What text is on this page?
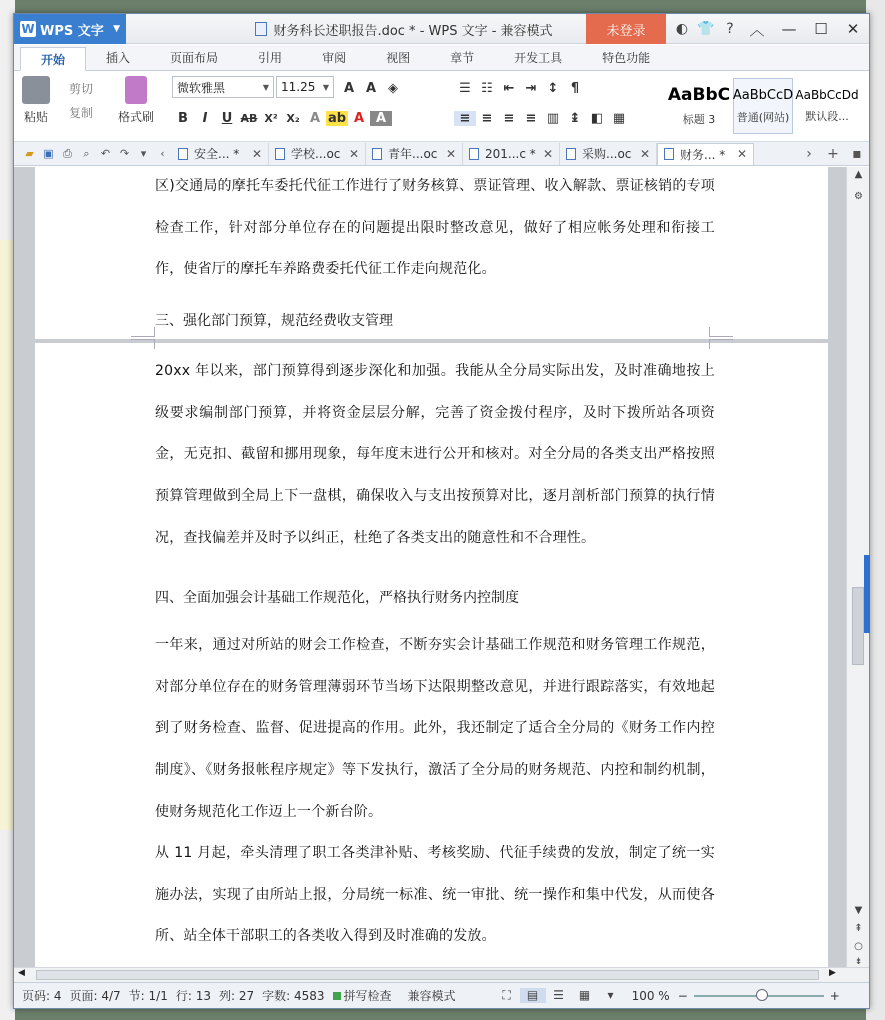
W WPS 文字 ▼	财务科长述职报告.doc * - WPS 文字 - 兼容模式	未登录	◐ 👕 ?	︿	—	☐	✕
开始	插入	页面布局	引用	审阅	视图	章节	开发工具	特色功能
粘贴
剪切
复制 格式刷
微软雅黑	▼ 11.25 ▼	A A ◈
B	I	U AB X² X₂ A ab A A
☰ ☷ ⇤ ⇥ ↕ ¶
≡ ≡ ≡ ≡ ▥ ↨ ◧ ▦
AaBbC
标题 3
AaBbCcD
普通(网站)
AaBbCcDd
默认段...
▰ ▣ ⎙	⌕	↶ ↷	▾	‹	安全... * ✕ 学校...oc ✕ 青年...oc ✕ 201...c * ✕ 采购...oc ✕	财务... * ✕	›	+ ▪
区)交通局的摩托车委托代征工作进行了财务核算、票证管理、收入解款、票证核销的专项检查工作，针对部分单位存在的问题提出限时整改意见，做好了相应帐务处理和衔接工作，使省厅的摩托车养路费委托代征工作走向规范化。
三、强化部门预算，规范经费收支管理
20xx 年以来，部门预算得到逐步深化和加强。我能从全分局实际出发，及时准确地按上级要求编制部门预算，并将资金层层分解，完善了资金拨付程序，及时下拨所站各项资金，无克扣、截留和挪用现象，每年度末进行公开和核对。对全分局的各类支出严格按照预算管理做到全局上下一盘棋，确保收入与支出按预算对比，逐月剖析部门预算的执行情况，查找偏差并及时予以纠正，杜绝了各类支出的随意性和不合理性。
四、全面加强会计基础工作规范化，严格执行财务内控制度
一年来，通过对所站的财会工作检查，不断夯实会计基础工作规范和财务管理工作规范，对部分单位存在的财务管理薄弱环节当场下达限期整改意见，并进行跟踪落实，有效地起到了财务检查、监督、促进提高的作用。此外，我还制定了适合全分局的《财务工作内控制度》、《财务报帐程序规定》等下发执行，激活了全分局的财务规范、内控和制约机制，使财务规范化工作迈上一个新台阶。
从 11 月起，牵头清理了职工各类津补贴、考核奖励、代征手续费的发放，制定了统一实施办法，实现了由所站上报，分局统一标准、统一审批、统一操作和集中代发，从而使各所、站全体干部职工的各类收入得到及时准确的发放。
▲
⚙
▼
⇞
○
⇟
◀	▶
页码: 4 页面: 4/7 节: 1/1 行: 13 列: 27 字数: 4583	拼写检查 兼容模式	⛶	▤	☰	▦	▾	100 % −	+
